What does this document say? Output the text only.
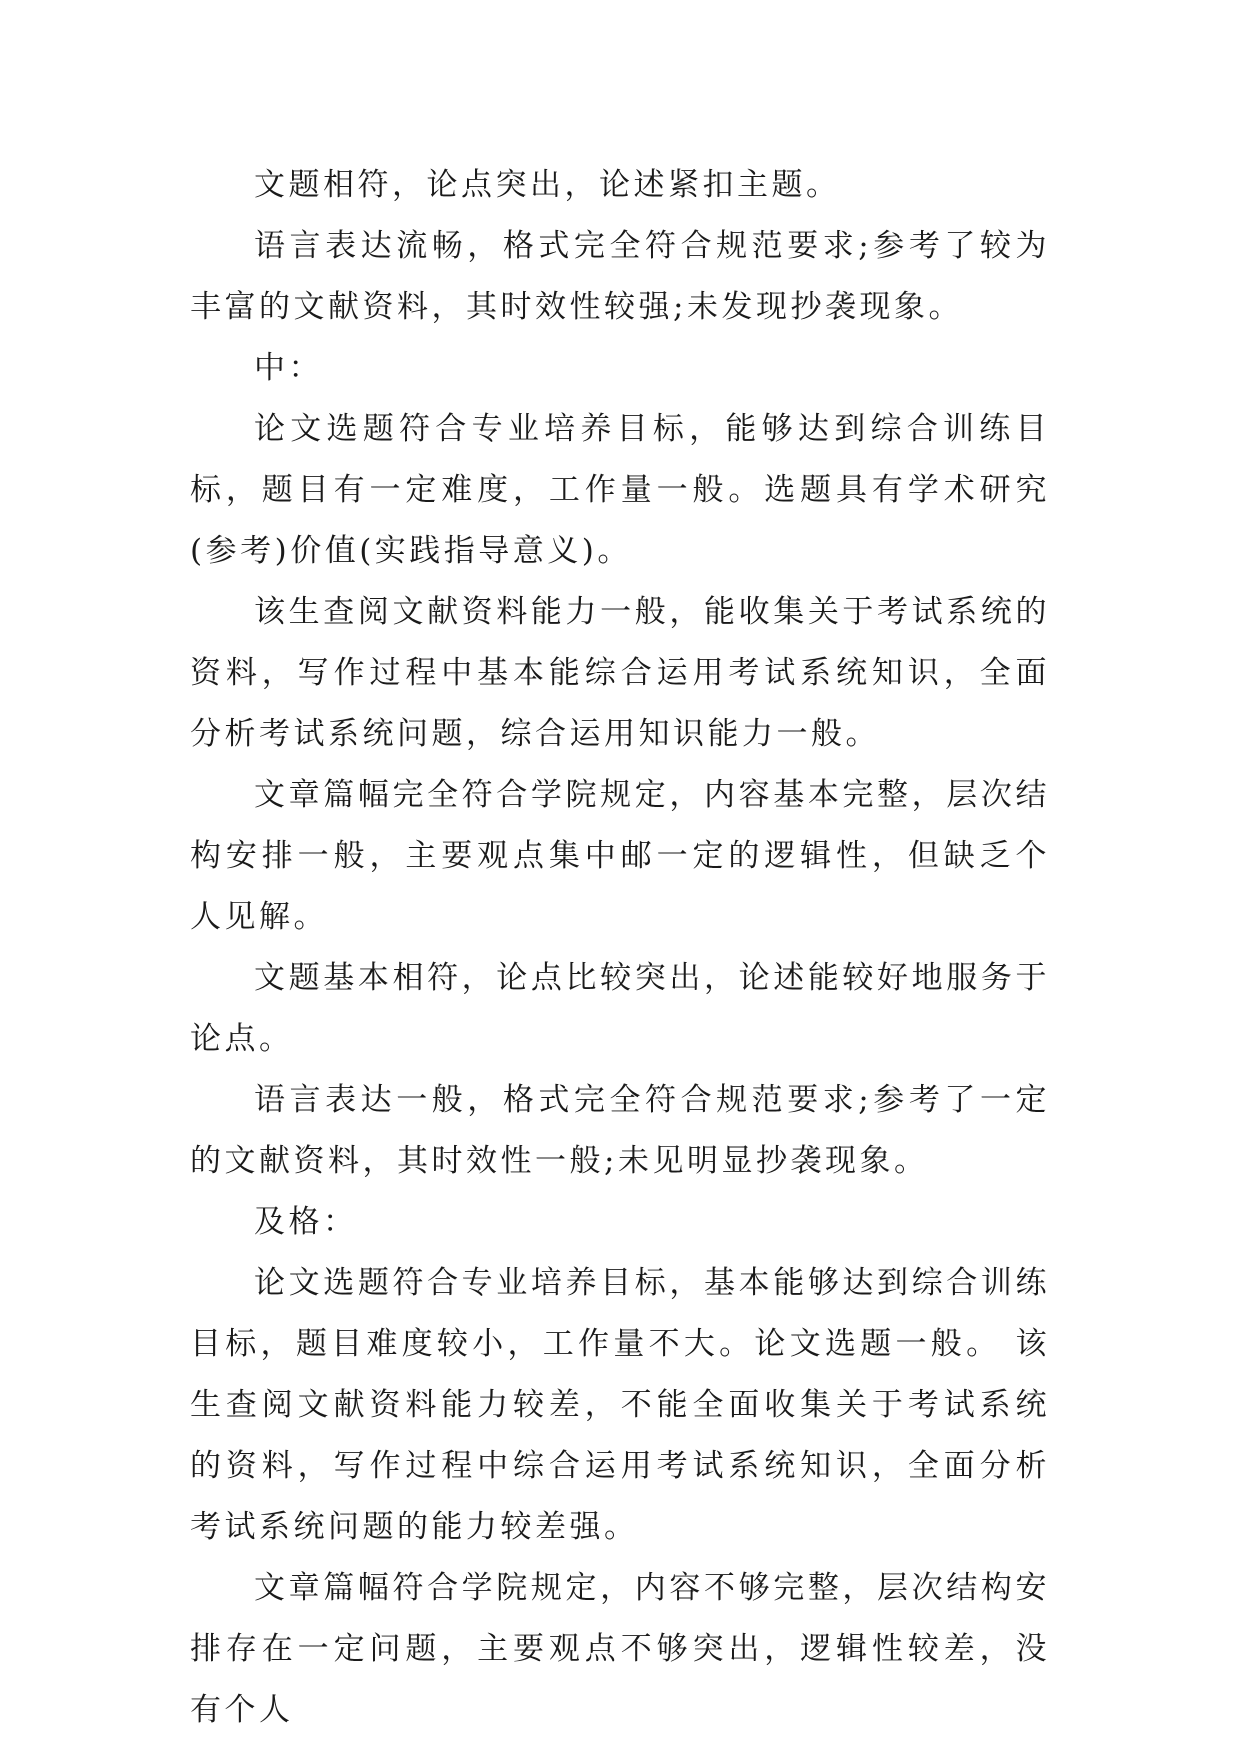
文题相符，论点突出，论述紧扣主题。

语言表达流畅，格式完全符合规范要求;参考了较为丰富的文献资料，其时效性较强;未发现抄袭现象。

中：

论文选题符合专业培养目标，能够达到综合训练目标，题目有一定难度，工作量一般。选题具有学术研究(参考)价值(实践指导意义)。

该生查阅文献资料能力一般，能收集关于考试系统的资料，写作过程中基本能综合运用考试系统知识，全面分析考试系统问题，综合运用知识能力一般。

文章篇幅完全符合学院规定，内容基本完整，层次结构安排一般，主要观点集中邮一定的逻辑性，但缺乏个人见解。

文题基本相符，论点比较突出，论述能较好地服务于论点。

语言表达一般，格式完全符合规范要求;参考了一定的文献资料，其时效性一般;未见明显抄袭现象。

及格：

论文选题符合专业培养目标，基本能够达到综合训练目标，题目难度较小，工作量不大。论文选题一般。 该生查阅文献资料能力较差，不能全面收集关于考试系统的资料，写作过程中综合运用考试系统知识，全面分析考试系统问题的能力较差强。

文章篇幅符合学院规定，内容不够完整，层次结构安排存在一定问题，主要观点不够突出，逻辑性较差，没有个人
